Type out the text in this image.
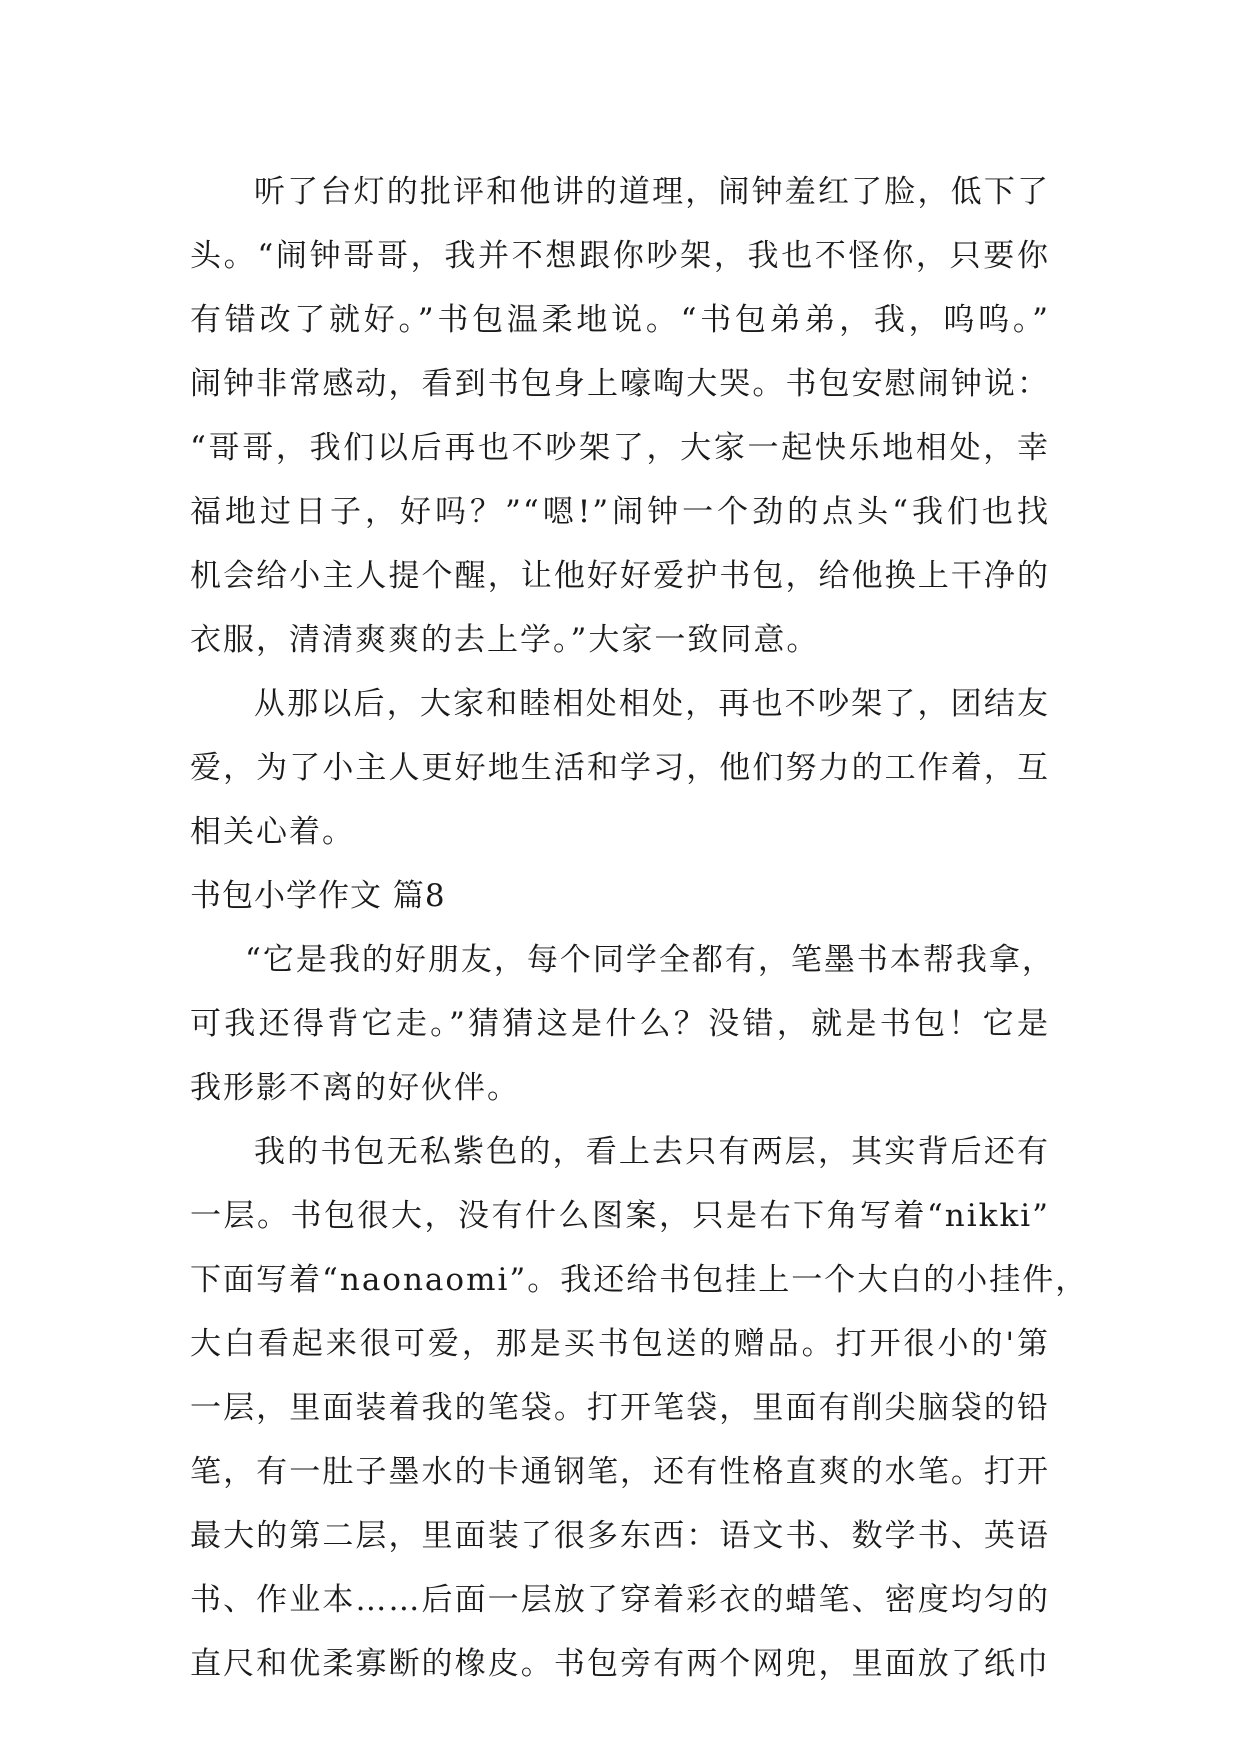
听了台灯的批评和他讲的道理，闹钟羞红了脸，低下了
头。“闹钟哥哥，我并不想跟你吵架，我也不怪你，只要你
有错改了就好。”书包温柔地说。“书包弟弟，我，呜呜。”
闹钟非常感动，看到书包身上嚎啕大哭。书包安慰闹钟说：
“哥哥，我们以后再也不吵架了，大家一起快乐地相处，幸
福地过日子，好吗？”“嗯!”闹钟一个劲的点头“我们也找
机会给小主人提个醒，让他好好爱护书包，给他换上干净的
衣服，清清爽爽的去上学。”大家一致同意。
从那以后，大家和睦相处相处，再也不吵架了，团结友
爱，为了小主人更好地生活和学习，他们努力的工作着，互
相关心着。
书包小学作文 篇8
“它是我的好朋友，每个同学全都有，笔墨书本帮我拿，
可我还得背它走。”猜猜这是什么？没错，就是书包！它是
我形影不离的好伙伴。
我的书包无私紫色的，看上去只有两层，其实背后还有
一层。书包很大，没有什么图案，只是右下角写着“nikki”
下面写着“naonaomi”。我还给书包挂上一个大白的小挂件，
大白看起来很可爱，那是买书包送的赠品。打开很小的'第
一层，里面装着我的笔袋。打开笔袋，里面有削尖脑袋的铅
笔，有一肚子墨水的卡通钢笔，还有性格直爽的水笔。打开
最大的第二层，里面装了很多东西：语文书、数学书、英语
书、作业本……后面一层放了穿着彩衣的蜡笔、密度均匀的
直尺和优柔寡断的橡皮。书包旁有两个网兜，里面放了纸巾
